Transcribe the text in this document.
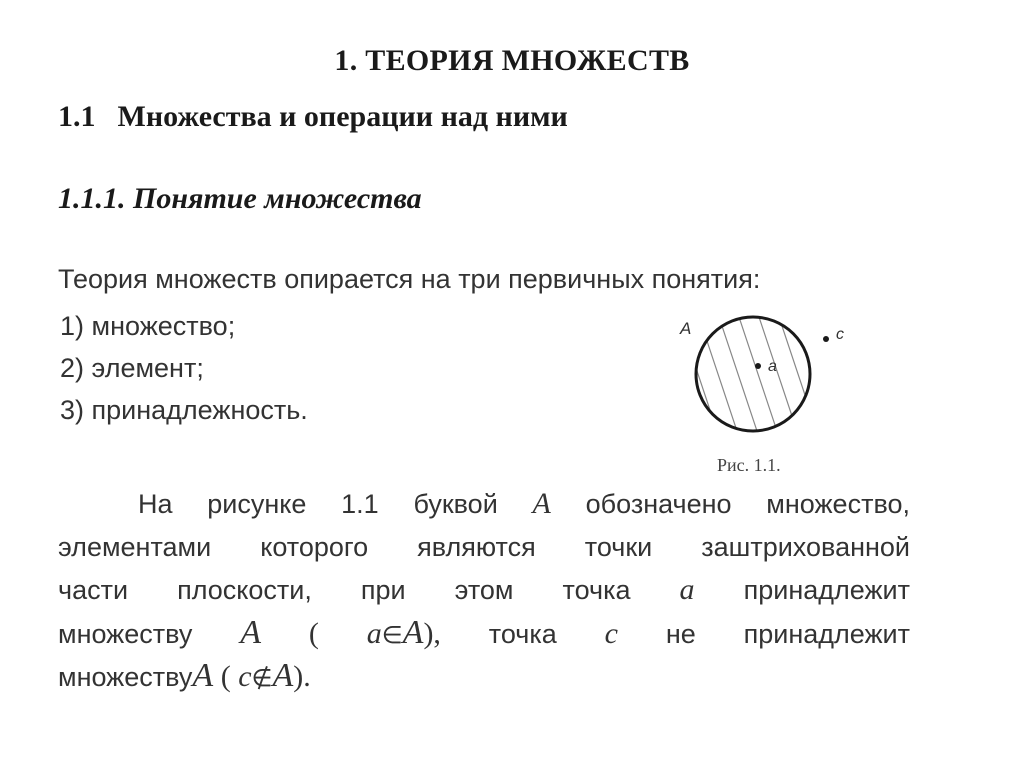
1. ТЕОРИЯ МНОЖЕСТВ
1.1 Множества и операции над ними
1.1.1. Понятие множества

Теория множеств опирается на три первичных понятия:

1) множество;
2) элемент;
3) принадлежность.
A
a
c
Рис. 1.1.
На рисунке 1.1 буквой A обозначено множество,
элементами которого являются точки заштрихованной
части плоскости, при этом точка a принадлежит
множеству A ( a∈A), точка c не принадлежит
множествуA ( c∉A).
